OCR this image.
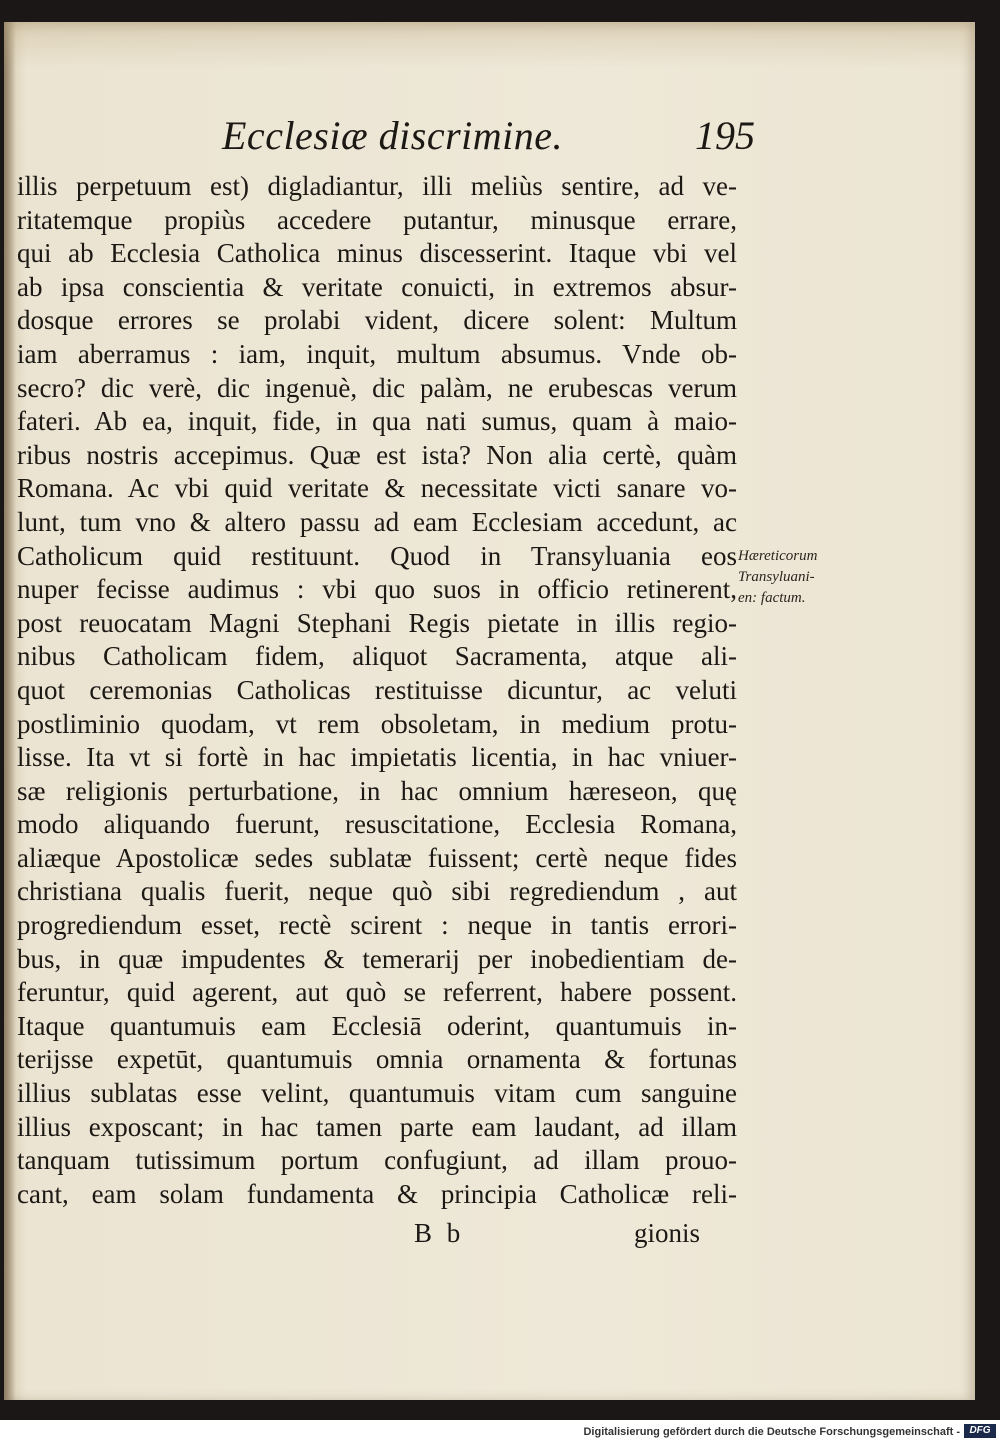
Ecclesiæ discrimine.	195
illis perpetuum est) digladiantur, illi meliùs sentire, ad ve-
ritatemque propiùs accedere putantur, minusque errare,
qui ab Ecclesia Catholica minus discesserint. Itaque vbi vel
ab ipsa conscientia & veritate conuicti, in extremos absur-
dosque errores se prolabi vident, dicere solent: Multum
iam aberramus : iam, inquit, multum absumus. Vnde ob-
secro? dic verè, dic ingenuè, dic palàm, ne erubescas verum
fateri. Ab ea, inquit, fide, in qua nati sumus, quam à maio-
ribus nostris accepimus. Quæ est ista? Non alia certè, quàm
Romana. Ac vbi quid veritate & necessitate victi sanare vo-
lunt, tum vno & altero passu ad eam Ecclesiam accedunt, ac
Catholicum quid restituunt. Quod in Transyluania eos
nuper fecisse audimus : vbi quo suos in officio retinerent,
post reuocatam Magni Stephani Regis pietate in illis regio-
nibus Catholicam fidem, aliquot Sacramenta, atque ali-
quot ceremonias Catholicas restituisse dicuntur, ac veluti
postliminio quodam, vt rem obsoletam, in medium protu-
lisse. Ita vt si fortè in hac impietatis licentia, in hac vniuer-
sæ religionis perturbatione, in hac omnium hæreseon, quę
modo aliquando fuerunt, resuscitatione, Ecclesia Romana,
aliæque Apostolicæ sedes sublatæ fuissent; certè neque fides
christiana qualis fuerit, neque quò sibi regrediendum , aut
progrediendum esset, rectè scirent : neque in tantis errori-
bus, in quæ impudentes & temerarij per inobedientiam de-
feruntur, quid agerent, aut quò se referrent, habere possent.
Itaque quantumuis eam Ecclesiā oderint, quantumuis in-
terijsse expetūt, quantumuis omnia ornamenta & fortunas
illius sublatas esse velint, quantumuis vitam cum sanguine
illius exposcant; in hac tamen parte eam laudant, ad illam
tanquam tutissimum portum confugiunt, ad illam prouo-
cant, eam solam fundamenta & principia Catholicæ reli-
Hæreticorum
Transyluani-
en: factum.
B b	gionis
Digitalisierung gefördert durch die Deutsche Forschungsgemeinschaft - DFG
